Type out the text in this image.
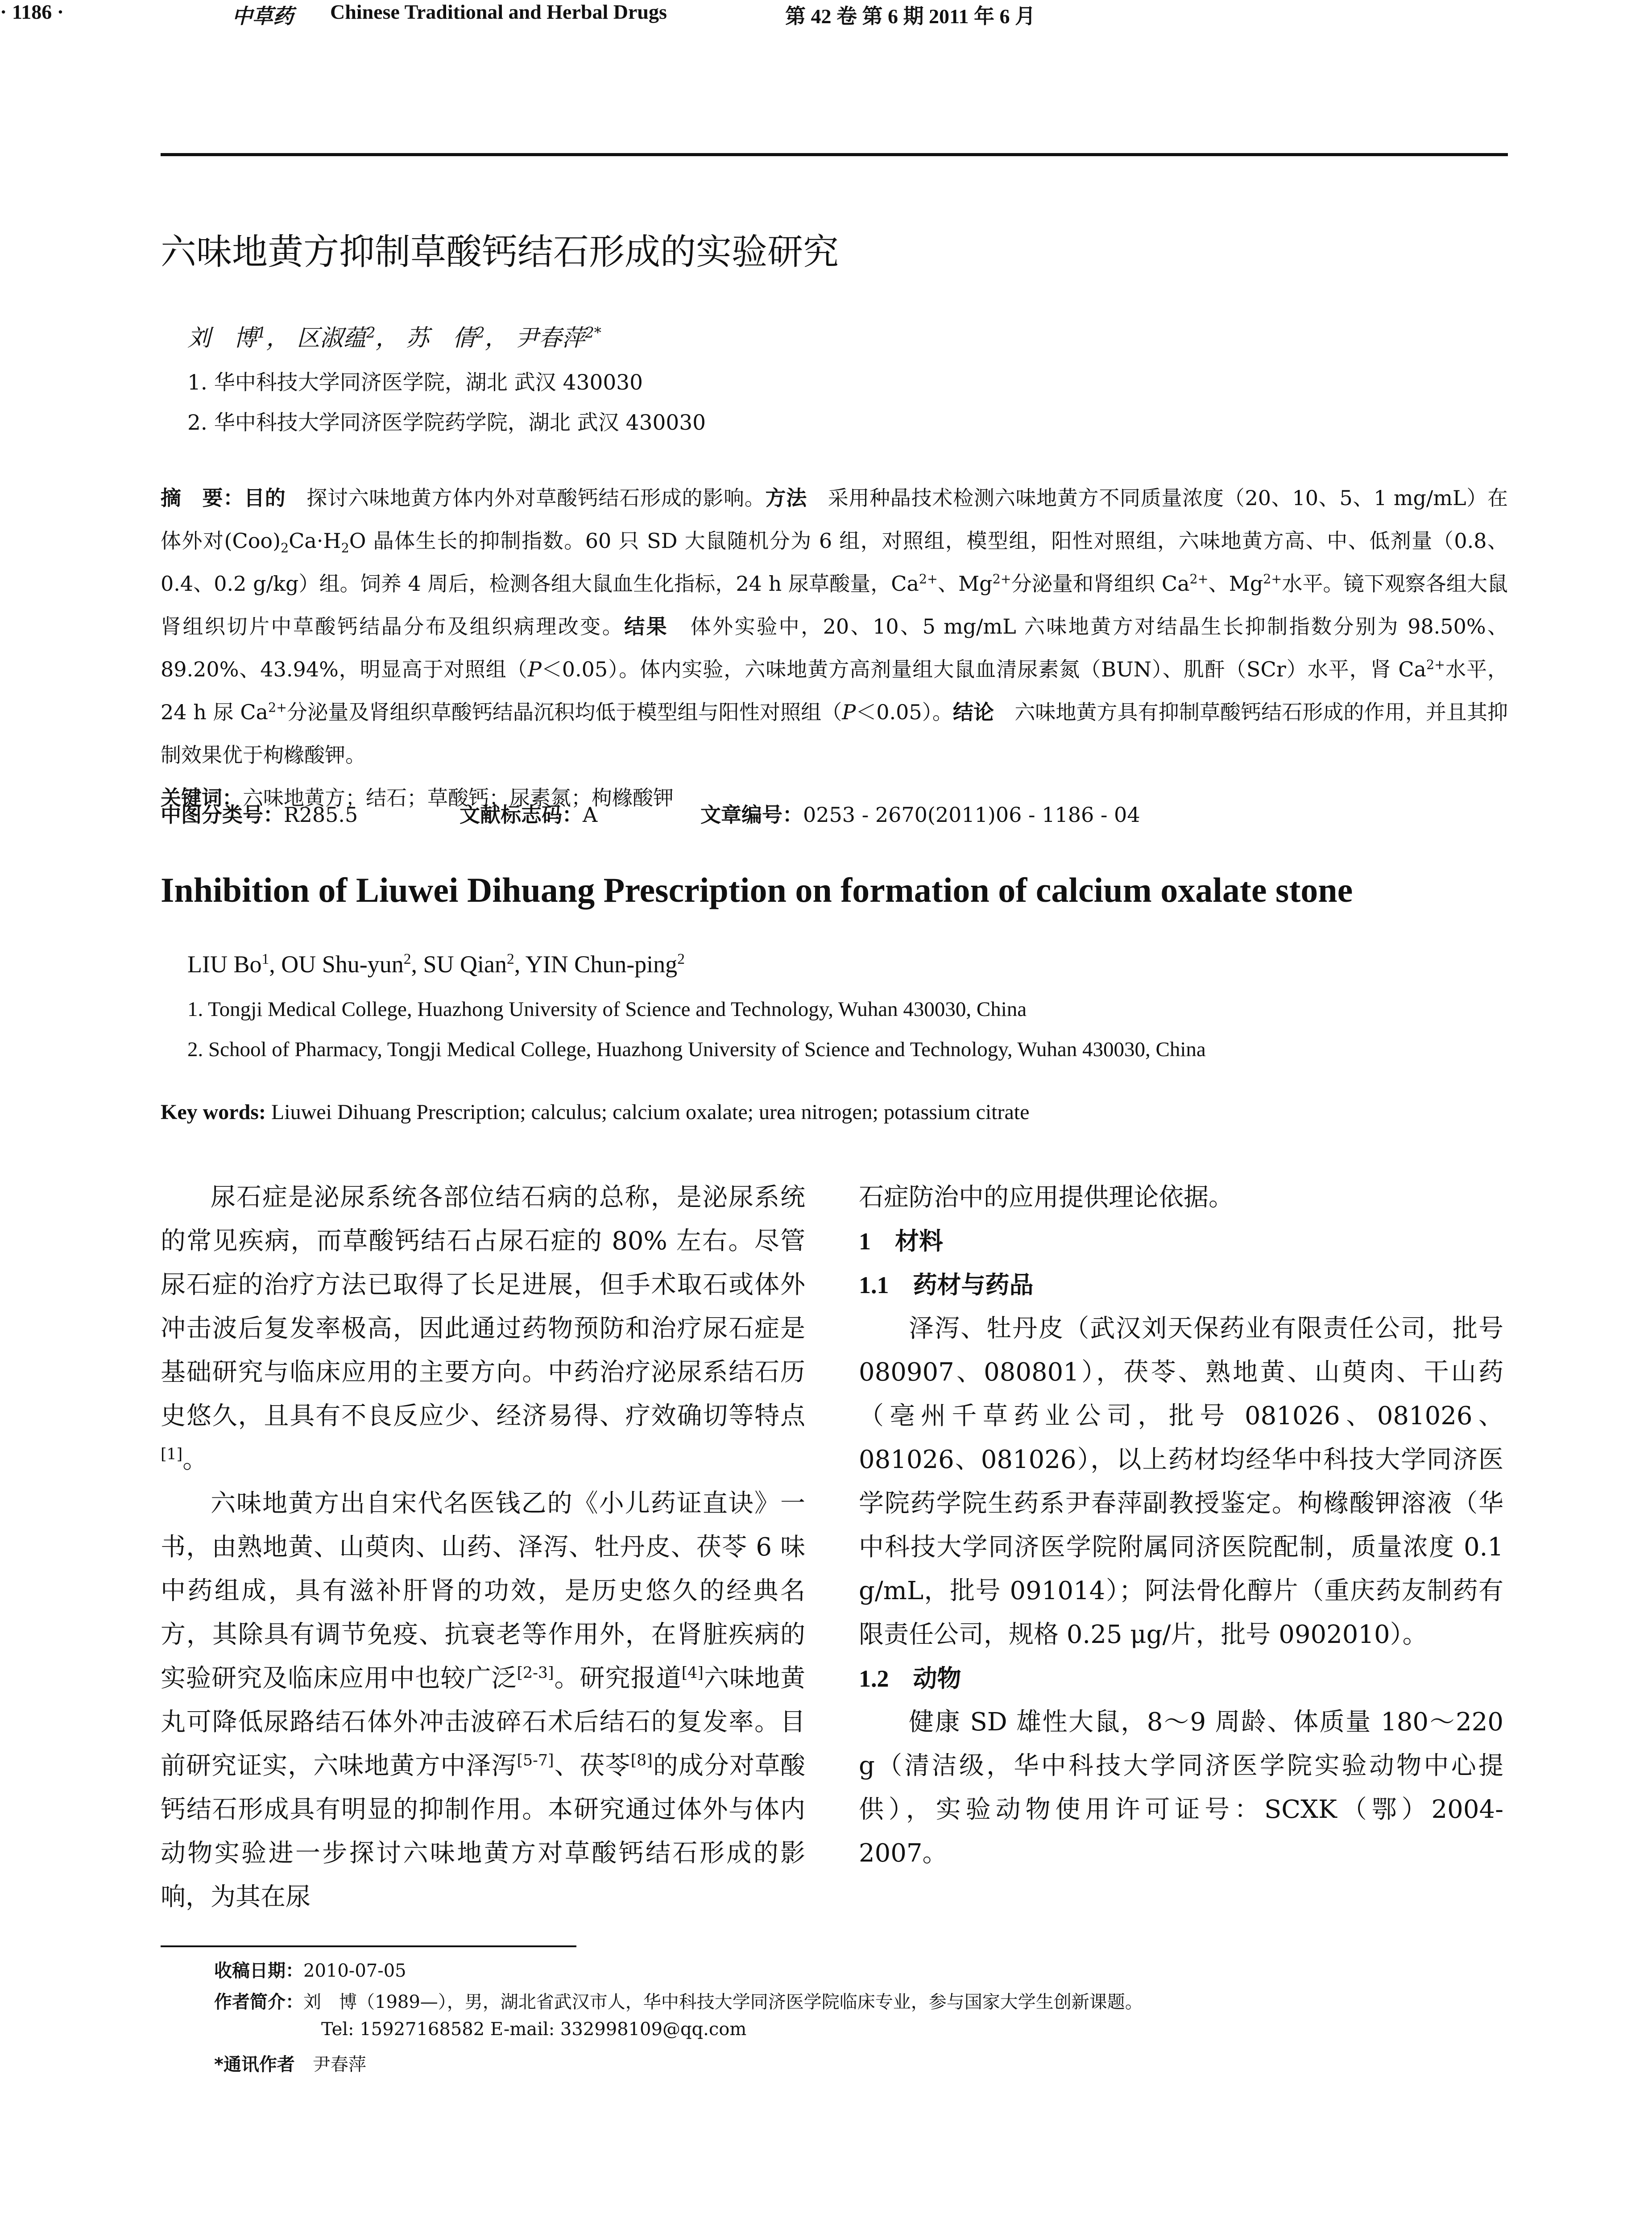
· 1186 ·	中草药 Chinese Traditional and Herbal Drugs	第 42 卷 第 6 期 2011 年 6 月
六味地黄方抑制草酸钙结石形成的实验研究
刘　博$^1$， 区淑蕴$^2$， 苏　倩$^2$， 尹春萍$^{2*}$
1. 华中科技大学同济医学院，湖北 武汉 430030
2. 华中科技大学同济医学院药学院，湖北 武汉 430030
摘　要：目的　 探讨六味地黄方体内外对草酸钙结石形成的影响。方法　 采用种晶技术检测六味地黄方不同质量浓度（20、10、5、1 mg/mL）在体外对$(Coo)_2Ca\cdot H_2O$ 晶体生长的抑制指数。60 只 SD 大鼠随机分为 6 组，对照组，模型组，阳性对照组，六味地黄方高、中、低剂量（0.8、0.4、0.2 g/kg）组。饲养 4 周后，检测各组大鼠血生化指标，24 h 尿草酸量，$Ca^{2+}$、$Mg^{2+}$分泌量和肾组织 $Ca^{2+}$、$Mg^{2+}$水平。镜下观察各组大鼠肾组织切片中草酸钙结晶分布及组织病理改变。结果　 体外实验中，20、10、5 mg/mL 六味地黄方对结晶生长抑制指数分别为 98.50%、89.20%、43.94%，明显高于对照组（P＜0.05）。体内实验，六味地黄方高剂量组大鼠血清尿素氮（BUN）、肌酐（SCr）水平，肾 $Ca^{2+}$水平，24 h 尿 $Ca^{2+}$分泌量及肾组织草酸钙结晶沉积均低于模型组与阳性对照组（P＜0.05）。结论　 六味地黄方具有抑制草酸钙结石形成的作用，并且其抑制效果优于枸橼酸钾。
关键词：六味地黄方；结石；草酸钙；尿素氮；枸橼酸钾
中图分类号：R285.5	文献标志码：A	文章编号：0253 - 2670(2011)06 - 1186 - 04
Inhibition of Liuwei Dihuang Prescription on formation of calcium oxalate stone
LIU Bo$^1$, OU Shu-yun$^2$, SU Qian$^2$, YIN Chun-ping$^2$
1. Tongji Medical College, Huazhong University of Science and Technology, Wuhan 430030, China
2. School of Pharmacy, Tongji Medical College, Huazhong University of Science and Technology, Wuhan 430030, China
Key words: Liuwei Dihuang Prescription; calculus; calcium oxalate; urea nitrogen; potassium citrate

尿石症是泌尿系统各部位结石病的总称，是泌尿系统的常见疾病，而草酸钙结石占尿石症的 80% 左右。尽管尿石症的治疗方法已取得了长足进展，但手术取石或体外冲击波后复发率极高，因此通过药物预防和治疗尿石症是基础研究与临床应用的主要方向。中药治疗泌尿系结石历史悠久，且具有不良反应少、经济易得、疗效确切等特点[1]。

六味地黄方出自宋代名医钱乙的《小儿药证直诀》一书，由熟地黄、山萸肉、山药、泽泻、牡丹皮、茯苓 6 味中药组成，具有滋补肝肾的功效，是历史悠久的经典名方，其除具有调节免疫、抗衰老等作用外，在肾脏疾病的实验研究及临床应用中也较广泛[2-3]。研究报道[4]六味地黄丸可降低尿路结石体外冲击波碎石术后结石的复发率。目前研究证实，六味地黄方中泽泻[5-7]、茯苓[8]的成分对草酸钙结石形成具有明显的抑制作用。本研究通过体外与体内动物实验进一步探讨六味地黄方对草酸钙结石形成的影响，为其在尿

石症防治中的应用提供理论依据。

1　 材料

1.1　 药材与药品

泽泻、牡丹皮（武汉刘天保药业有限责任公司，批号 080907、080801），茯苓、熟地黄、山萸肉、干山药（亳州千草药业公司，批号 081026、081026、081026、081026），以上药材均经华中科技大学同济医学院药学院生药系尹春萍副教授鉴定。枸橼酸钾溶液（华中科技大学同济医学院附属同济医院配制，质量浓度 0.1 g/mL，批号 091014）；阿法骨化醇片（重庆药友制药有限责任公司，规格 0.25 μg/片，批号 0902010）。

1.2　 动物

健康 SD 雄性大鼠，8～9 周龄、体质量 180～220 g（清洁级，华中科技大学同济医学院实验动物中心提供），实验动物使用许可证号：SCXK（鄂）2004-2007。

收稿日期：2010-07-05
作者简介：刘　博（1989—），男，湖北省武汉市人，华中科技大学同济医学院临床专业，参与国家大学生创新课题。
Tel: 15927168582 E-mail: 332998109@qq.com
*通讯作者　 尹春萍
